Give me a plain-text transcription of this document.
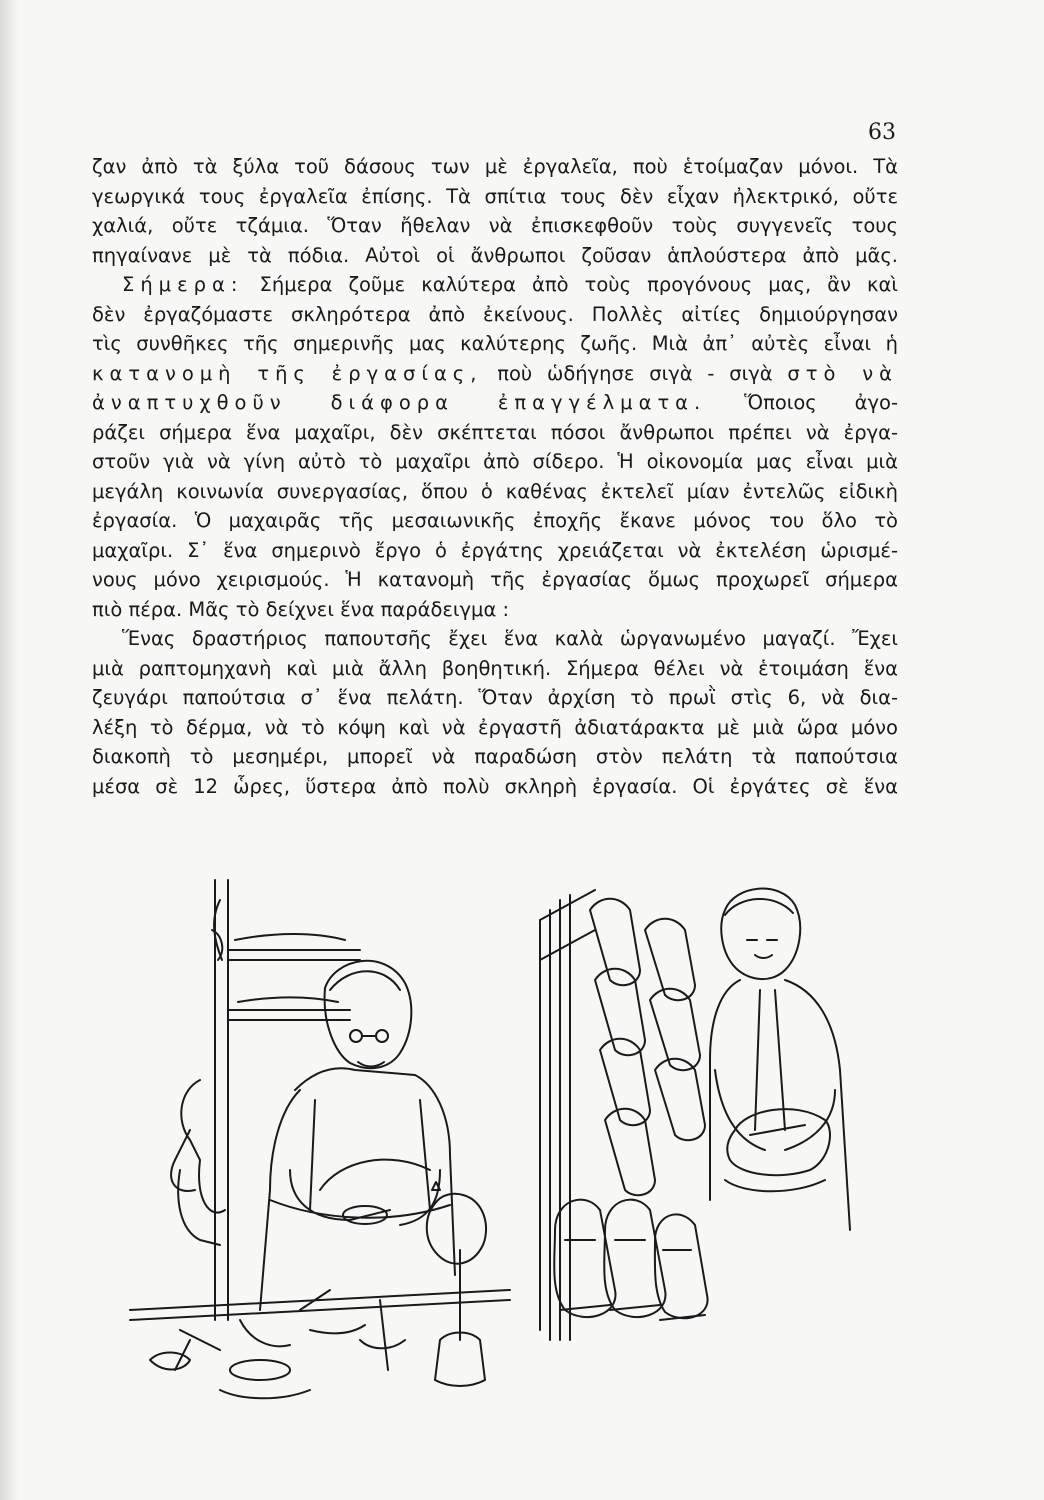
63
ζαν ἀπὸ τὰ ξύλα τοῦ δάσους των μὲ ἐργαλεῖα, ποὺ ἑτοίμαζαν μόνοι. Τὰ
γεωργικά τους ἐργαλεῖα ἐπίσης. Τὰ σπίτια τους δὲν εἶχαν ἠλεκτρικό, οὔτε
χαλιά, οὔτε τζάμια. Ὅταν ἤθελαν νὰ ἐπισκεφθοῦν τοὺς συγγενεῖς τους
πηγαίνανε μὲ τὰ πόδια. Αὐτοὶ οἱ ἄνθρωποι ζοῦσαν ἁπλούστερα ἀπὸ μᾶς.
Σήμερα: Σήμερα ζοῦμε καλύτερα ἀπὸ τοὺς προγόνους μας, ἂν καὶ
δὲν ἐργαζόμαστε σκληρότερα ἀπὸ ἐκείνους. Πολλὲς αἰτίες δημιούργησαν
τὶς συνθῆκες τῆς σημερινῆς μας καλύτερης ζωῆς. Μιὰ ἀπ᾽ αὐτὲς εἶναι ἡ
κατανομὴ τῆς ἐργασίας, ποὺ ὡδήγησε σιγὰ - σιγὰ στὸ νὰ
ἀναπτυχθοῦν διάφορα ἐπαγγέλματα. Ὅποιος ἀγο-
ράζει σήμερα ἕνα μαχαῖρι, δὲν σκέπτεται πόσοι ἄνθρωποι πρέπει νὰ ἐργα-
στοῦν γιὰ νὰ γίνη αὐτὸ τὸ μαχαῖρι ἀπὸ σίδερο. Ἡ οἰκονομία μας εἶναι μιὰ
μεγάλη κοινωνία συνεργασίας, ὅπου ὁ καθένας ἐκτελεῖ μίαν ἐντελῶς εἰδικὴ
ἐργασία. Ὁ μαχαιρᾶς τῆς μεσαιωνικῆς ἐποχῆς ἔκανε μόνος του ὅλο τὸ
μαχαῖρι. Σ᾽ ἕνα σημερινὸ ἔργο ὁ ἐργάτης χρειάζεται νὰ ἐκτελέση ὡρισμέ-
νους μόνο χειρισμούς. Ἡ κατανομὴ τῆς ἐργασίας ὅμως προχωρεῖ σήμερα
πιὸ πέρα. Μᾶς τὸ δείχνει ἕνα παράδειγμα :
Ἕνας δραστήριος παπουτσῆς ἔχει ἕνα καλὰ ὡργανωμένο μαγαζί. Ἔχει
μιὰ ραπτομηχανὴ καὶ μιὰ ἄλλη βοηθητική. Σήμερα θέλει νὰ ἑτοιμάση ἕνα
ζευγάρι παπούτσια σ᾽ ἕνα πελάτη. Ὅταν ἀρχίση τὸ πρωῒ στὶς 6, νὰ δια-
λέξη τὸ δέρμα, νὰ τὸ κόψη καὶ νὰ ἐργαστῆ ἀδιατάρακτα μὲ μιὰ ὥρα μόνο
διακοπὴ τὸ μεσημέρι, μπορεῖ νὰ παραδώση στὸν πελάτη τὰ παπούτσια
μέσα σὲ 12 ὧρες, ὕστερα ἀπὸ πολὺ σκληρὴ ἐργασία. Οἱ ἐργάτες σὲ ἕνα
